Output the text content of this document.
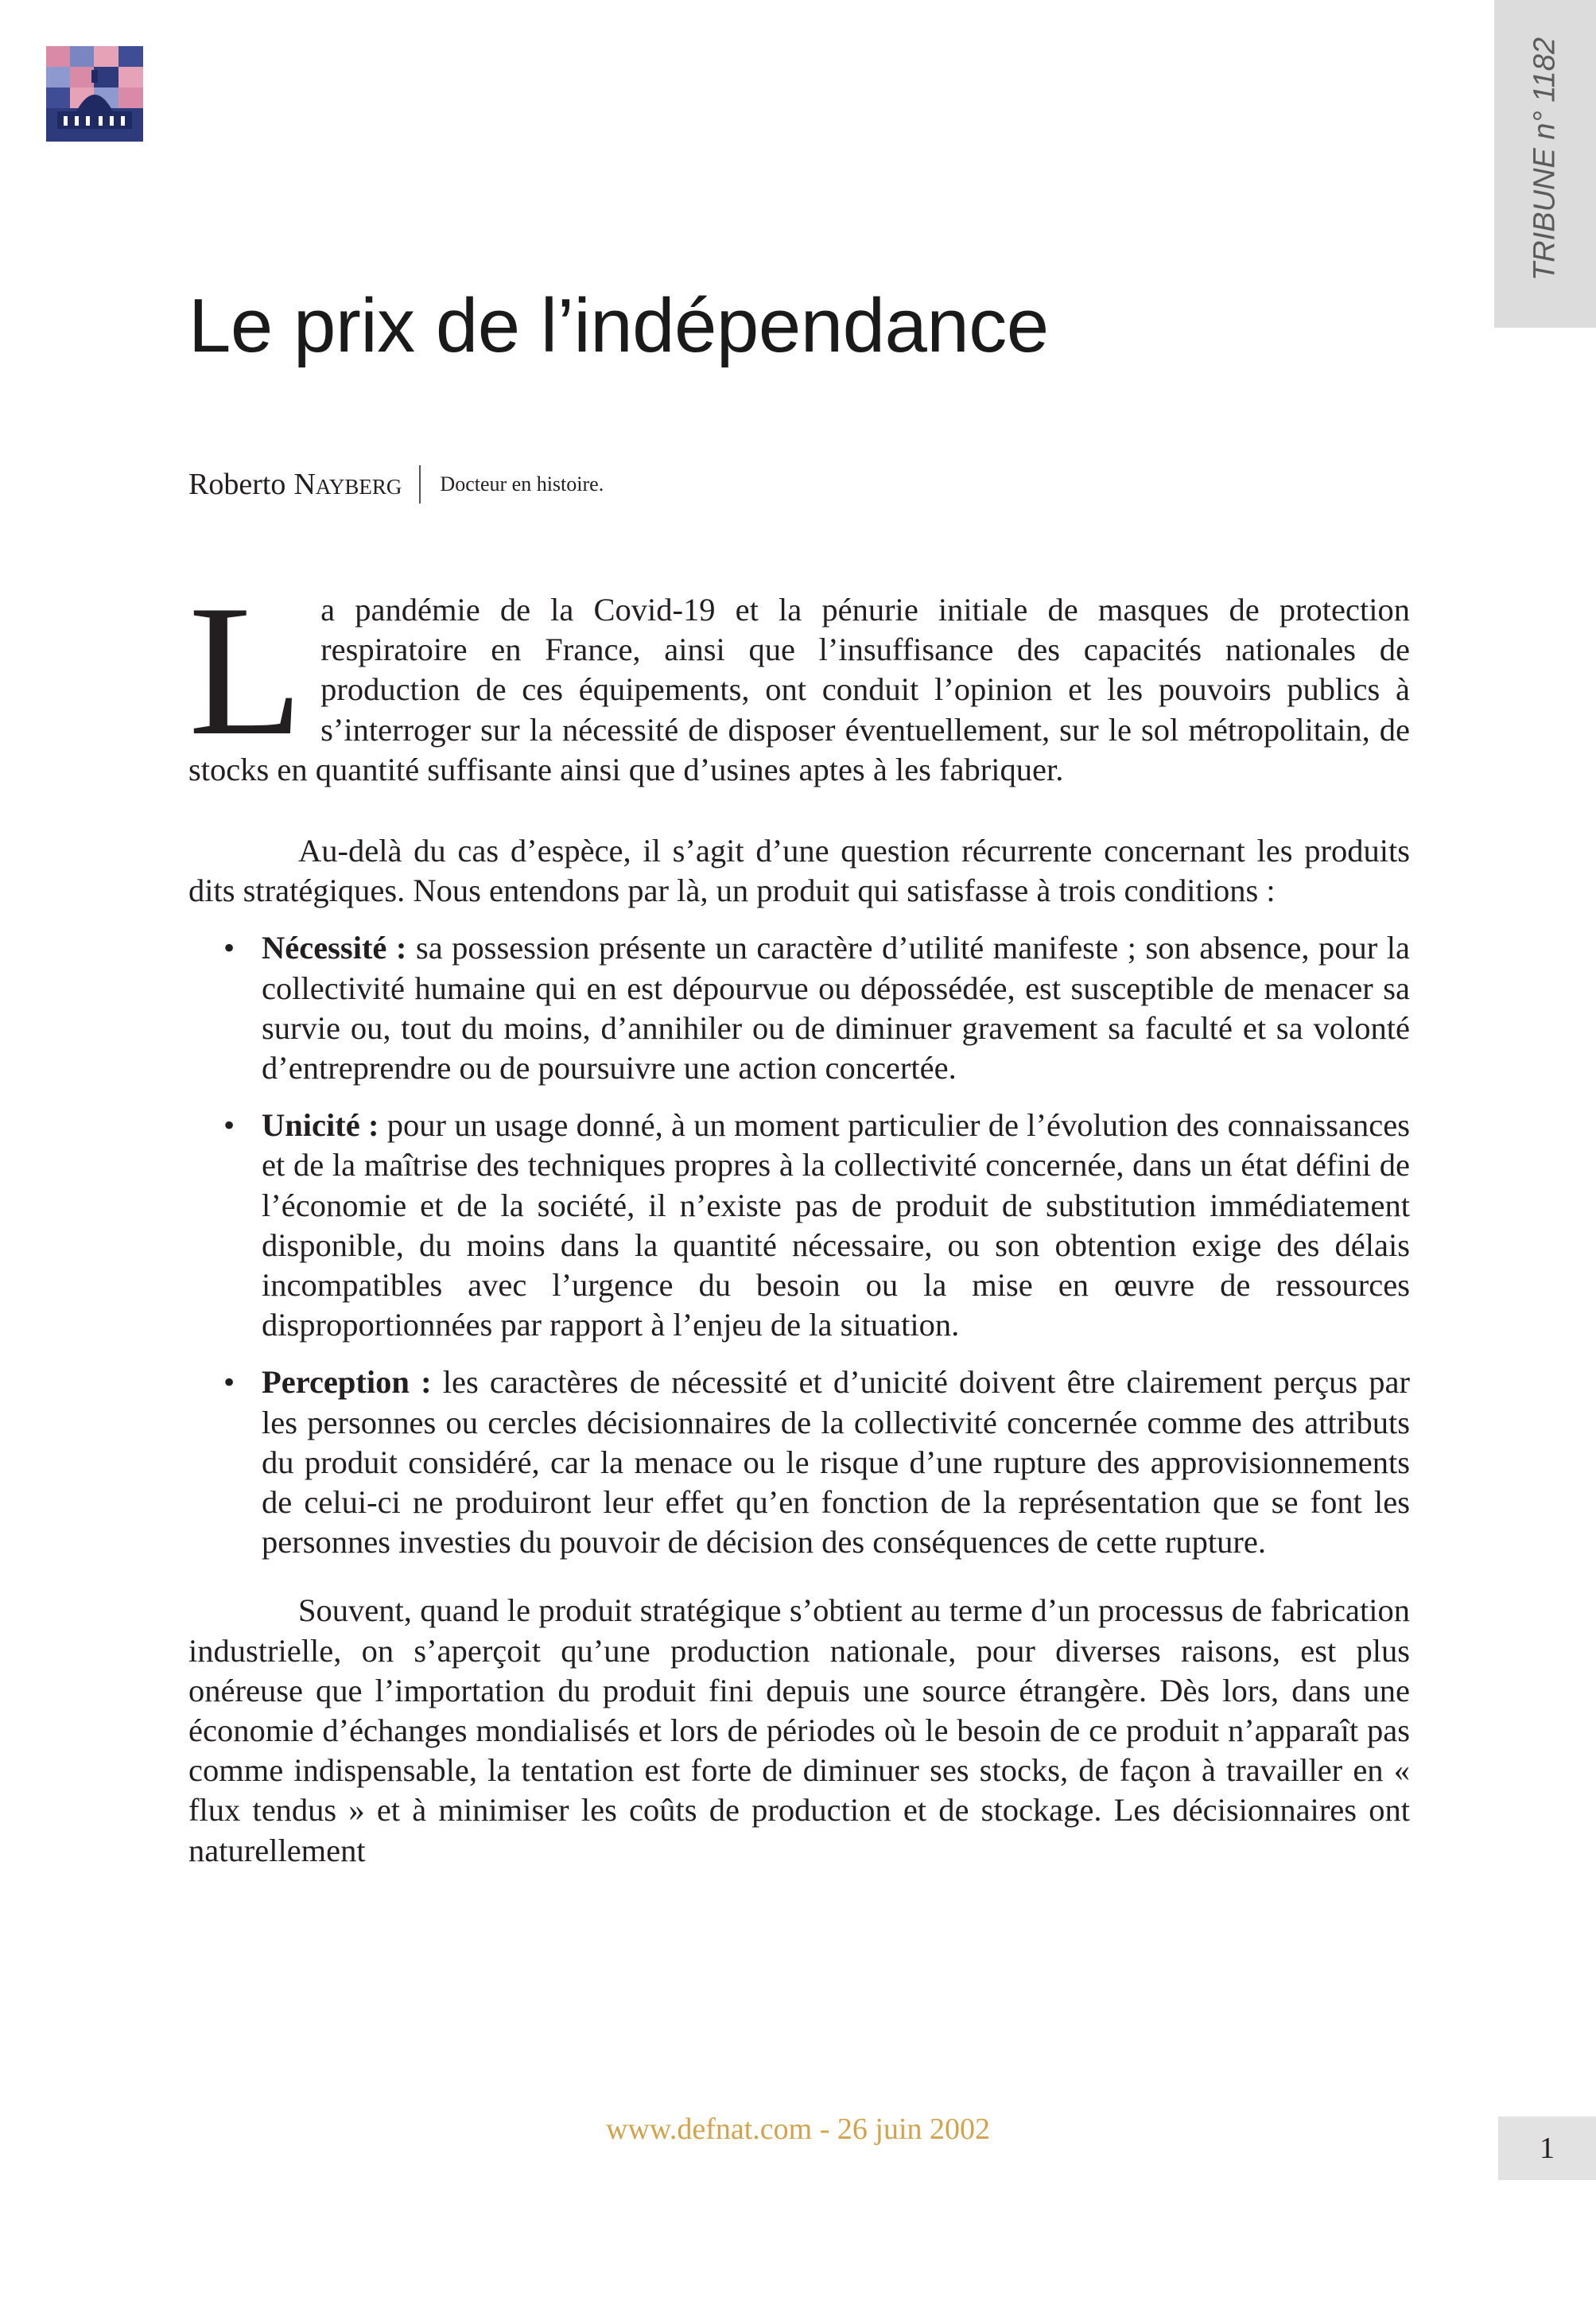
TRIBUNE n° 1182
Le prix de l’indépendance
Roberto Nayberg Docteur en histoire.

La pandémie de la Covid-19 et la pénurie initiale de masques de protection respiratoire en France, ainsi que l’insuffisance des capacités nationales de production de ces équipements, ont conduit l’opinion et les pouvoirs publics à s’interroger sur la nécessité de disposer éventuellement, sur le sol métropolitain, de stocks en quantité suffisante ainsi que d’usines aptes à les fabriquer.

Au-delà du cas d’espèce, il s’agit d’une question récurrente concernant les produits dits stratégiques. Nous entendons par là, un produit qui satisfasse à trois conditions :

• Nécessité : sa possession présente un caractère d’utilité manifeste ; son absence, pour la collectivité humaine qui en est dépourvue ou dépossédée, est susceptible de menacer sa survie ou, tout du moins, d’annihiler ou de diminuer gravement sa faculté et sa volonté d’entreprendre ou de poursuivre une action concertée.
• Unicité : pour un usage donné, à un moment particulier de l’évolution des connaissances et de la maîtrise des techniques propres à la collectivité concernée, dans un état défini de l’économie et de la société, il n’existe pas de produit de substitution immédiatement disponible, du moins dans la quantité nécessaire, ou son obtention exige des délais incompatibles avec l’urgence du besoin ou la mise en œuvre de ressources disproportionnées par rapport à l’enjeu de la situation.
• Perception : les caractères de nécessité et d’unicité doivent être clairement perçus par les personnes ou cercles décisionnaires de la collectivité concernée comme des attributs du produit considéré, car la menace ou le risque d’une rupture des approvisionnements de celui-ci ne produiront leur effet qu’en fonction de la représentation que se font les personnes investies du pouvoir de décision des conséquences de cette rupture.

Souvent, quand le produit stratégique s’obtient au terme d’un processus de fabrication industrielle, on s’aperçoit qu’une production nationale, pour diverses raisons, est plus onéreuse que l’importation du produit fini depuis une source étrangère. Dès lors, dans une économie d’échanges mondialisés et lors de périodes où le besoin de ce produit n’apparaît pas comme indispensable, la tentation est forte de diminuer ses stocks, de façon à travailler en « flux tendus » et à minimiser les coûts de production et de stockage. Les décisionnaires ont naturellement

www.defnat.com - 26 juin 2002
1
